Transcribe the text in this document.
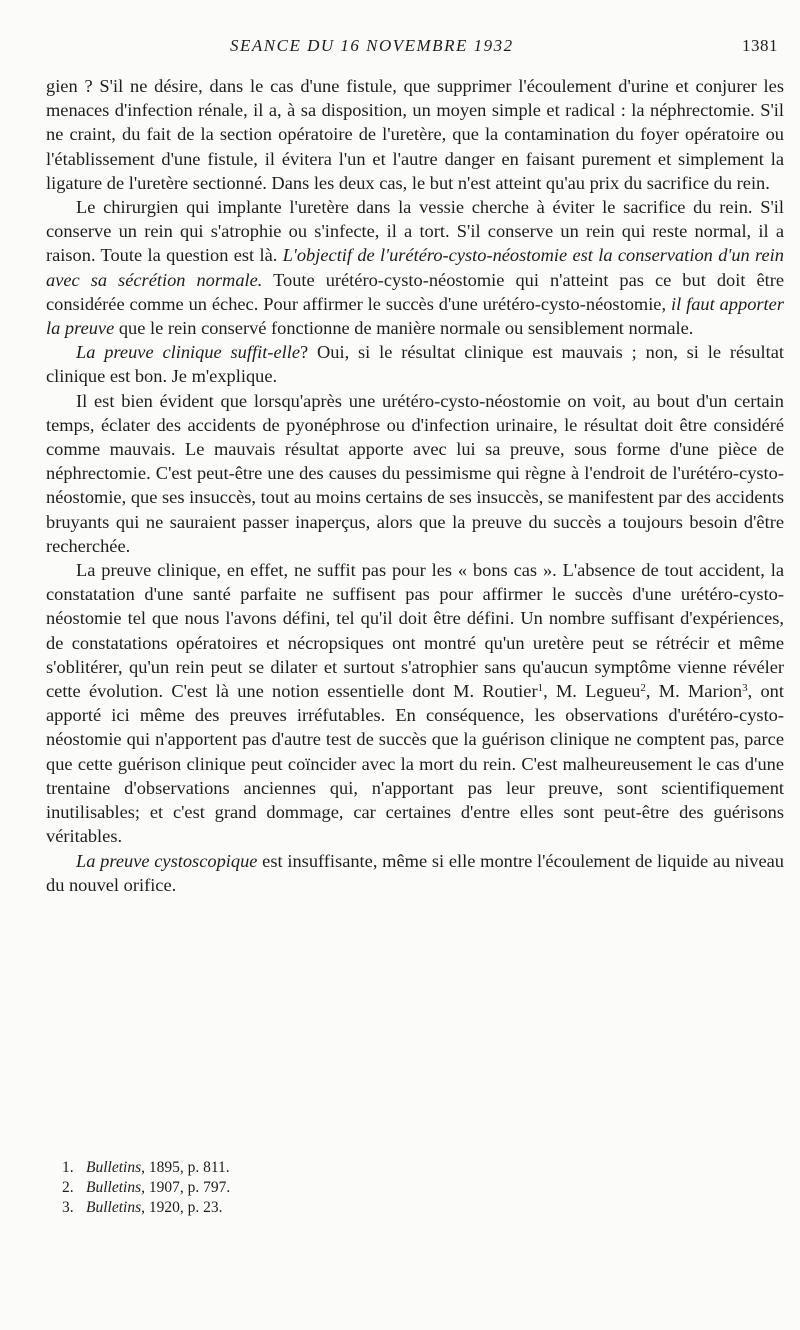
SEANCE DU 16 NOVEMBRE 1932	1381

gien ? S'il ne désire, dans le cas d'une fistule, que supprimer l'écoulement d'urine et conjurer les menaces d'infection rénale, il a, à sa disposition, un moyen simple et radical : la néphrectomie. S'il ne craint, du fait de la section opératoire de l'uretère, que la contamination du foyer opératoire ou l'établissement d'une fistule, il évitera l'un et l'autre danger en faisant purement et simplement la ligature de l'uretère sectionné. Dans les deux cas, le but n'est atteint qu'au prix du sacrifice du rein.

Le chirurgien qui implante l'uretère dans la vessie cherche à éviter le sacrifice du rein. S'il conserve un rein qui s'atrophie ou s'infecte, il a tort. S'il conserve un rein qui reste normal, il a raison. Toute la question est là. L'objectif de l'urétéro-cysto-néostomie est la conservation d'un rein avec sa sécrétion normale. Toute urétéro-cysto-néostomie qui n'atteint pas ce but doit être considérée comme un échec. Pour affirmer le succès d'une urétéro-cysto-néostomie, il faut apporter la preuve que le rein conservé fonctionne de manière normale ou sensiblement normale.

La preuve clinique suffit-elle? Oui, si le résultat clinique est mauvais ; non, si le résultat clinique est bon. Je m'explique.

Il est bien évident que lorsqu'après une urétéro-cysto-néostomie on voit, au bout d'un certain temps, éclater des accidents de pyonéphrose ou d'infection urinaire, le résultat doit être considéré comme mauvais. Le mauvais résultat apporte avec lui sa preuve, sous forme d'une pièce de néphrectomie. C'est peut-être une des causes du pessimisme qui règne à l'endroit de l'urétéro-cysto-néostomie, que ses insuccès, tout au moins certains de ses insuccès, se manifestent par des accidents bruyants qui ne sauraient passer inaperçus, alors que la preuve du succès a toujours besoin d'être recherchée.

La preuve clinique, en effet, ne suffit pas pour les « bons cas ». L'absence de tout accident, la constatation d'une santé parfaite ne suffisent pas pour affirmer le succès d'une urétéro-cysto-néostomie tel que nous l'avons défini, tel qu'il doit être défini. Un nombre suffisant d'expériences, de constatations opératoires et nécropsiques ont montré qu'un uretère peut se rétrécir et même s'oblitérer, qu'un rein peut se dilater et surtout s'atrophier sans qu'aucun symptôme vienne révéler cette évolution. C'est là une notion essentielle dont M. Routier$^1$, M. Legueu$^2$, M. Marion$^3$, ont apporté ici même des preuves irréfutables. En conséquence, les observations d'urétéro-cysto-néostomie qui n'apportent pas d'autre test de succès que la guérison clinique ne comptent pas, parce que cette guérison clinique peut coïncider avec la mort du rein. C'est malheureusement le cas d'une trentaine d'observations anciennes qui, n'apportant pas leur preuve, sont scientifiquement inutilisables; et c'est grand dommage, car certaines d'entre elles sont peut-être des guérisons véritables.

La preuve cystoscopique est insuffisante, même si elle montre l'écoulement de liquide au niveau du nouvel orifice.

1. Bulletins, 1895, p. 811.
2. Bulletins, 1907, p. 797.
3. Bulletins, 1920, p. 23.
